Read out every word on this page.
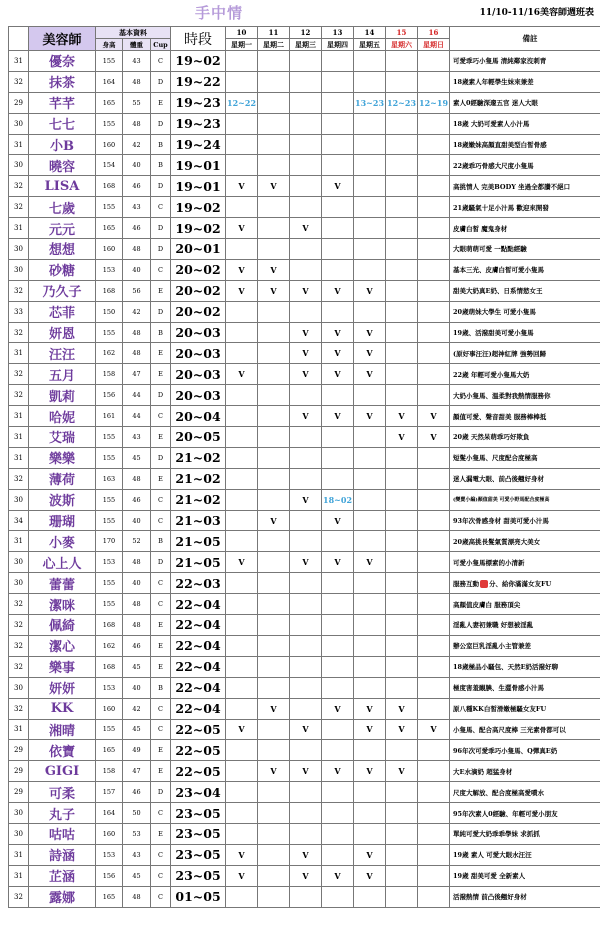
手中情	11/10-11/16美容師週班表
	美容師	基本資料			時段	10	11	12	13	14	15	16	備註
		身高	體重	Cup		星期一	星期二	星期三	星期四	星期五	星期六	星期日	
31	優奈	155	43	C	19~02								可愛乖巧小隻馬 清純鄰家沒刺青
32	抹茶	164	48	D	19~22								18歲素人年輕學生妹來兼差
29	芊芊	165	55	E	19~23	12~22				13~23	12~23	12~19	素人0經驗深邃五官 迷人大眼
30	七七	155	48	D	19~23								18歲 大奶可愛素人小汁馬
31	小B	160	42	B	19~24								18歲嫩妹高顏直甜美型白皙骨感
30	曉容	154	40	B	19~01								22歲乖巧骨感大尺度小隻馬
32	LISA	168	46	D	19~01	V	V		V				高挑情人 完美BODY 坐過全都讚不絕口
32	七歲	155	43	C	19~02								21歲騷氣十足小汁馬 歡迎來開發
31	元元	165	46	D	19~02	V		V					皮膚白皙 魔鬼身材
30	想想	160	48	D	20~01								大眼萌萌可愛 一點點經驗
30	砂糖	153	40	C	20~02	V	V						基本三光、皮膚白皙可愛小隻馬
32	乃久子	168	56	E	20~02	V	V	V	V	V			甜美大奶真E奶、日系情慾女王
33	芯菲	150	42	D	20~02								20歲萌妹大學生 可愛小隻馬
32	妍恩	155	48	B	20~03			V	V	V			19歲、活潑甜美可愛小隻馬
31	汪汪	162	48	E	20~03			V	V	V			(原好事汪汪)超神紅牌 強勢回歸
32	五月	158	47	E	20~03	V		V	V	V			22歲 年輕可愛小隻馬大奶
32	凱莉	156	44	D	20~03								大奶小隻馬、溫柔對我熱情服務你
31	哈妮	161	44	C	20~04			V	V	V	V	V	顏值可愛、聲音甜美 服務棒棒抵
31	艾瑞	155	43	E	20~05						V	V	20歲 天然呆萌乖巧好欺負
31	樂樂	155	45	D	21~02								短髮小隻馬、尺度配合度極高
32	薄荷	163	48	E	21~02								迷人漏電大眼、前凸後翹好身材
30	波斯	155	46	C	21~02			V	18~02				(變賣小編)顏值甜美 可愛小野馬配合度極高
34	珊瑚	155	40	C	21~03		V		V				93年次骨感身材 甜美可愛小汁馬
31	小麥	170	52	B	21~05								20歲高挑長髮氣質漂亮大美女
30	心上人	153	48	D	21~05	V		V	V	V			可愛小隻馬標素的小清新
30	蕾蕾	155	40	C	22~03								服務互動 分、給你滿滿女友FU
32	潔咪	155	48	C	22~04								高顏值皮膚白 服務頂尖
32	佩綺	168	48	E	22~04								淫亂人妻初兼職 好想被淫亂
32	潔心	162	46	E	22~04								辦公室巨乳淫亂小主管兼差
32	樂事	168	45	E	22~04								18歲極品小騷包、天然E奶活潑好聊
30	妍妍	153	40	B	22~04								極度害羞靦腆、生澀骨感小汁馬
32	KK	160	42	C	22~04		V		V	V	V		原八種KK白皙滑嫩極騷女友FU
31	湘晴	155	45	C	22~05	V		V		V	V	V	小隻馬、配合高尺度棒 三光素骨都可以
29	依寶	165	49	E	22~05								96年次可愛乖巧小隻馬、Q彈真E奶
29	GIGI	158	47	E	22~05		V	V	V	V	V		大E水滴奶 超猛身材
29	可柔	157	46	D	23~04								尺度大解放、配合度極高愛噴水
30	丸子	164	50	C	23~05								95年次素人0經驗、年輕可愛小朋友
30	咕咕	160	53	E	23~05								單純可愛大奶乖乖學妹 求抓抓
31	詩涵	153	43	C	23~05	V		V		V			19歲 素人 可愛大眼水汪汪
31	芷涵	156	45	C	23~05	V		V	V	V			19歲 甜美可愛 全新素人
32	露娜	165	48	C	01~05								活潑熱情 前凸後翹好身材
